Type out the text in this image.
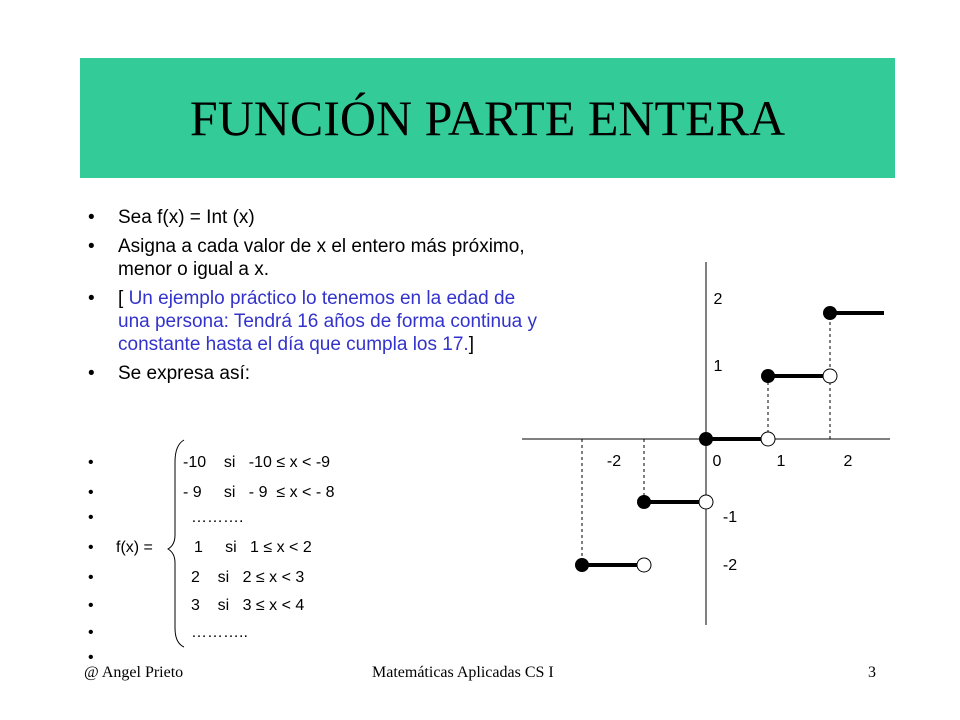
FUNCIÓN PARTE ENTERA
• Sea f(x) = Int (x)
• Asigna a cada valor de x el entero más próximo, menor o igual a x.
• [ Un ejemplo práctico lo tenemos en la edad de una persona: Tendrá 16 años de forma continua y constante hasta el día que cumpla los 17.]
• Se expresa así:
•
•
•
•
•
•
•
•
f(x) =
-10    si   -10 ≤ x < -9
- 9     si   - 9  ≤ x < - 8
……….
1     si   1 ≤ x < 2
2    si   2 ≤ x < 3
3    si   3 ≤ x < 4
………..
-2	0	1	2
2
1
-1
-2
@ Angel Prieto	Matemáticas Aplicadas CS I	3
